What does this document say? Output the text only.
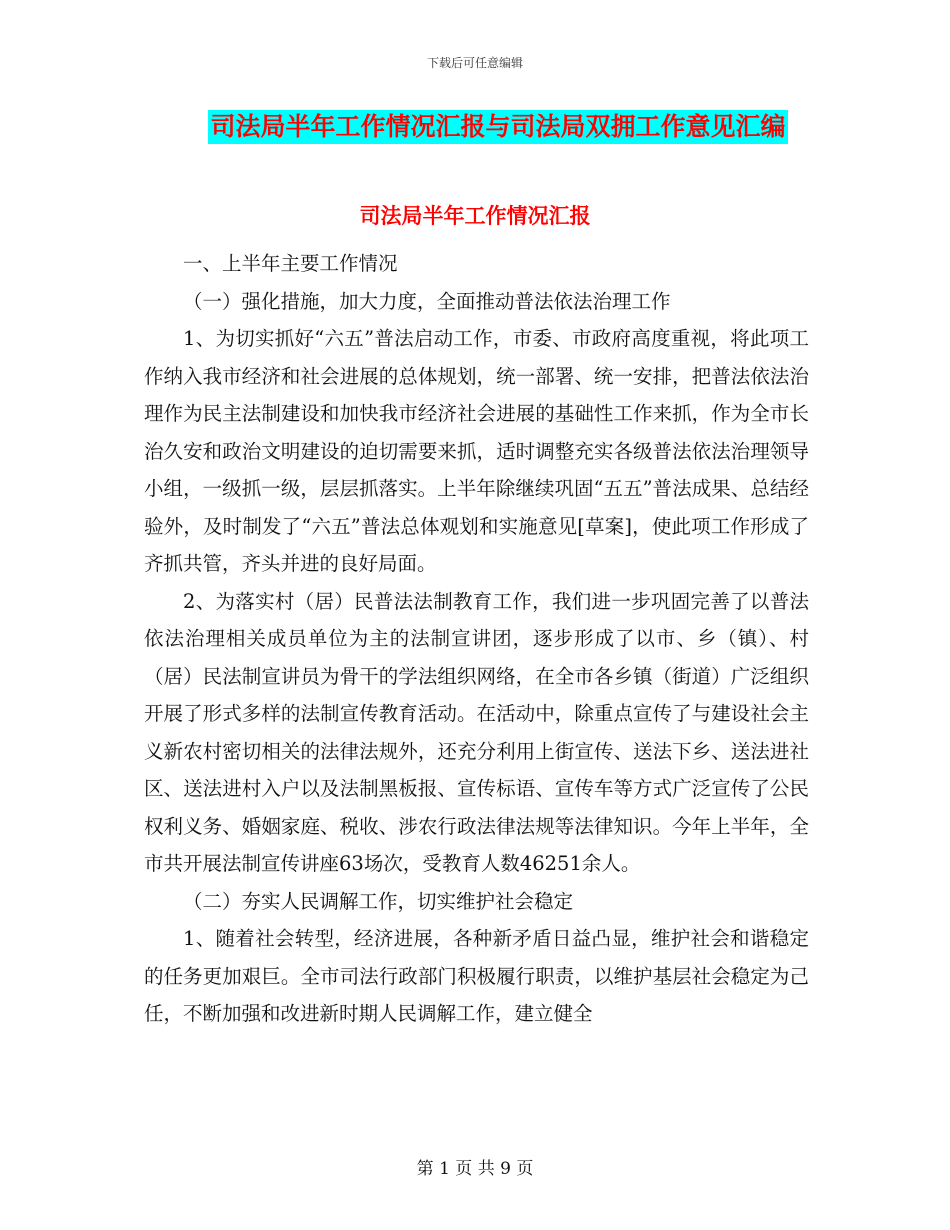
下载后可任意编辑
司法局半年工作情况汇报与司法局双拥工作意见汇编
司法局半年工作情况汇报

一、上半年主要工作情况

（一）强化措施，加大力度，全面推动普法依法治理工作

1、为切实抓好“六五”普法启动工作，市委、市政府高度重视，将此项工作纳入我市经济和社会进展的总体规划，统一部署、统一安排，把普法依法治理作为民主法制建设和加快我市经济社会进展的基础性工作来抓，作为全市长治久安和政治文明建设的迫切需要来抓，适时调整充实各级普法依法治理领导小组，一级抓一级，层层抓落实。上半年除继续巩固“五五”普法成果、总结经验外，及时制发了“六五”普法总体观划和实施意见[草案]，使此项工作形成了齐抓共管，齐头并进的良好局面。

2、为落实村（居）民普法法制教育工作，我们进一步巩固完善了以普法依法治理相关成员单位为主的法制宣讲团，逐步形成了以市、乡（镇）、村（居）民法制宣讲员为骨干的学法组织网络，在全市各乡镇（街道）广泛组织开展了形式多样的法制宣传教育活动。在活动中，除重点宣传了与建设社会主义新农村密切相关的法律法规外，还充分利用上街宣传、送法下乡、送法进社区、送法进村入户以及法制黑板报、宣传标语、宣传车等方式广泛宣传了公民权利义务、婚姻家庭、税收、涉农行政法律法规等法律知识。今年上半年，全市共开展法制宣传讲座63场次，受教育人数46251余人。

（二）夯实人民调解工作，切实维护社会稳定

1、随着社会转型，经济进展，各种新矛盾日益凸显，维护社会和谐稳定的任务更加艰巨。全市司法行政部门积极履行职责，以维护基层社会稳定为己任，不断加强和改进新时期人民调解工作，建立健全

第 1 页 共 9 页
